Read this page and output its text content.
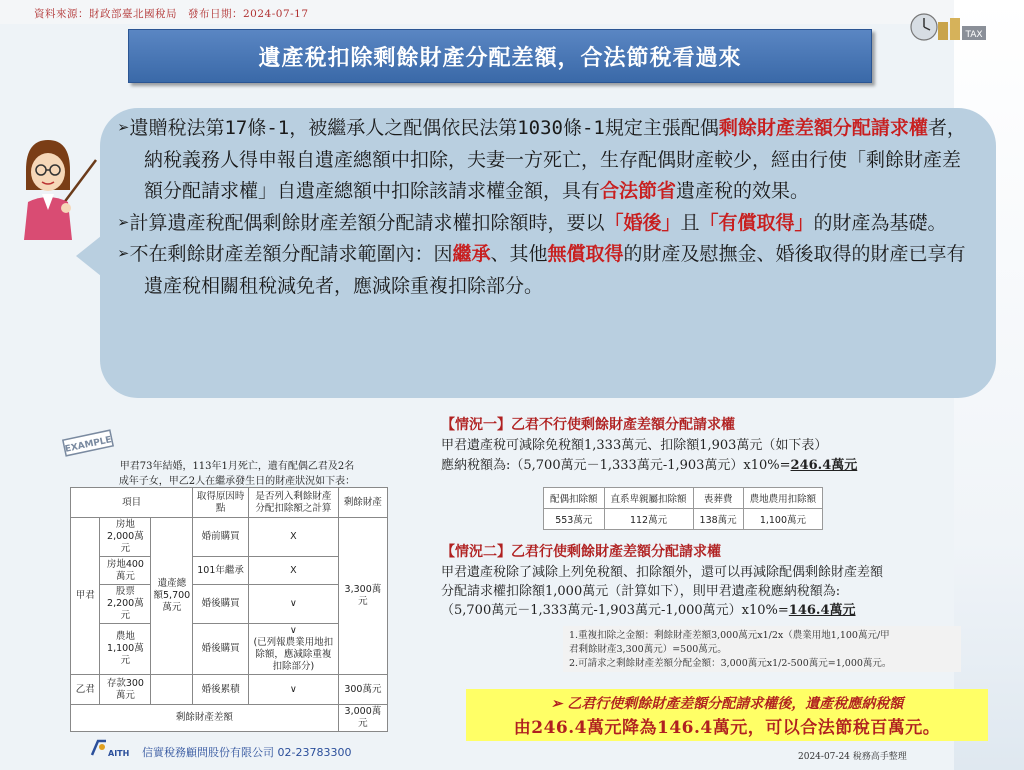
資料來源：財政部臺北國稅局　發布日期：2024-07-17
TAX
遺產稅扣除剩餘財產分配差額，合法節稅看過來

➢遺贈稅法第17條-1，被繼承人之配偶依民法第1030條-1規定主張配偶剩餘財產差額分配請求權者，納稅義務人得申報自遺產總額中扣除，夫妻一方死亡，生存配偶財產較少，經由行使「剩餘財產差額分配請求權」自遺產總額中扣除該請求權金額，具有合法節省遺產稅的效果。

➢計算遺產稅配偶剩餘財產差額分配請求權扣除額時，要以「婚後」且「有償取得」的財產為基礎。

➢不在剩餘財產差額分配請求範圍內：因繼承、其他無償取得的財產及慰撫金、婚後取得的財產已享有遺產稅相關租稅減免者，應減除重複扣除部分。

【情況一】乙君不行使剩餘財產差額分配請求權
甲君遺產稅可減除免稅額1,333萬元、扣除額1,903萬元（如下表）
應納稅額為:（5,700萬元－1,333萬元-1,903萬元）x10%=246.4萬元
配偶扣除額	直系卑親屬扣除額	喪葬費	農地農用扣除額
553萬元	112萬元	138萬元	1,100萬元
【情況二】乙君行使剩餘財產差額分配請求權
甲君遺產稅除了減除上列免稅額、扣除額外，還可以再減除配偶剩餘財產差額
分配請求權扣除額1,000萬元（計算如下），則甲君遺產稅應納稅額為:
（5,700萬元－1,333萬元-1,903萬元-1,000萬元）x10%=146.4萬元
1.重複扣除之金額：剩餘財產差額3,000萬元x1/2x（農業用地1,100萬元/甲
君剩餘財產3,300萬元）=500萬元。
2.可請求之剩餘財產差額分配金額：3,000萬元x1/2-500萬元=1,000萬元。
➢ 乙君行使剩餘財產差額分配請求權後，遺產稅應納稅額
由246.4萬元降為146.4萬元，可以合法節稅百萬元。
EXAMPLE
甲君73年結婚，113年1月死亡，遺有配偶乙君及2名
成年子女，甲乙2人在繼承發生日的財產狀況如下表：
項目			取得原因時點	是否列入剩餘財產分配扣除額之計算	剩餘財產
甲君	房地2,000萬元	遺產總額5,700萬元	婚前購買	X	3,300萬元
	房地400萬元		101年繼承	X	
	股票2,200萬元		婚後購買	∨	
	農地1,100萬元		婚後購買	∨
(已列報農業用地扣除額，應減除重複扣除部分)	
乙君	存款300萬元		婚後累積	∨	300萬元
剩餘財產差額					3,000萬元
AITH 信實稅務顧問股份有限公司 02-23783300	2024-07-24 稅務高手整理
